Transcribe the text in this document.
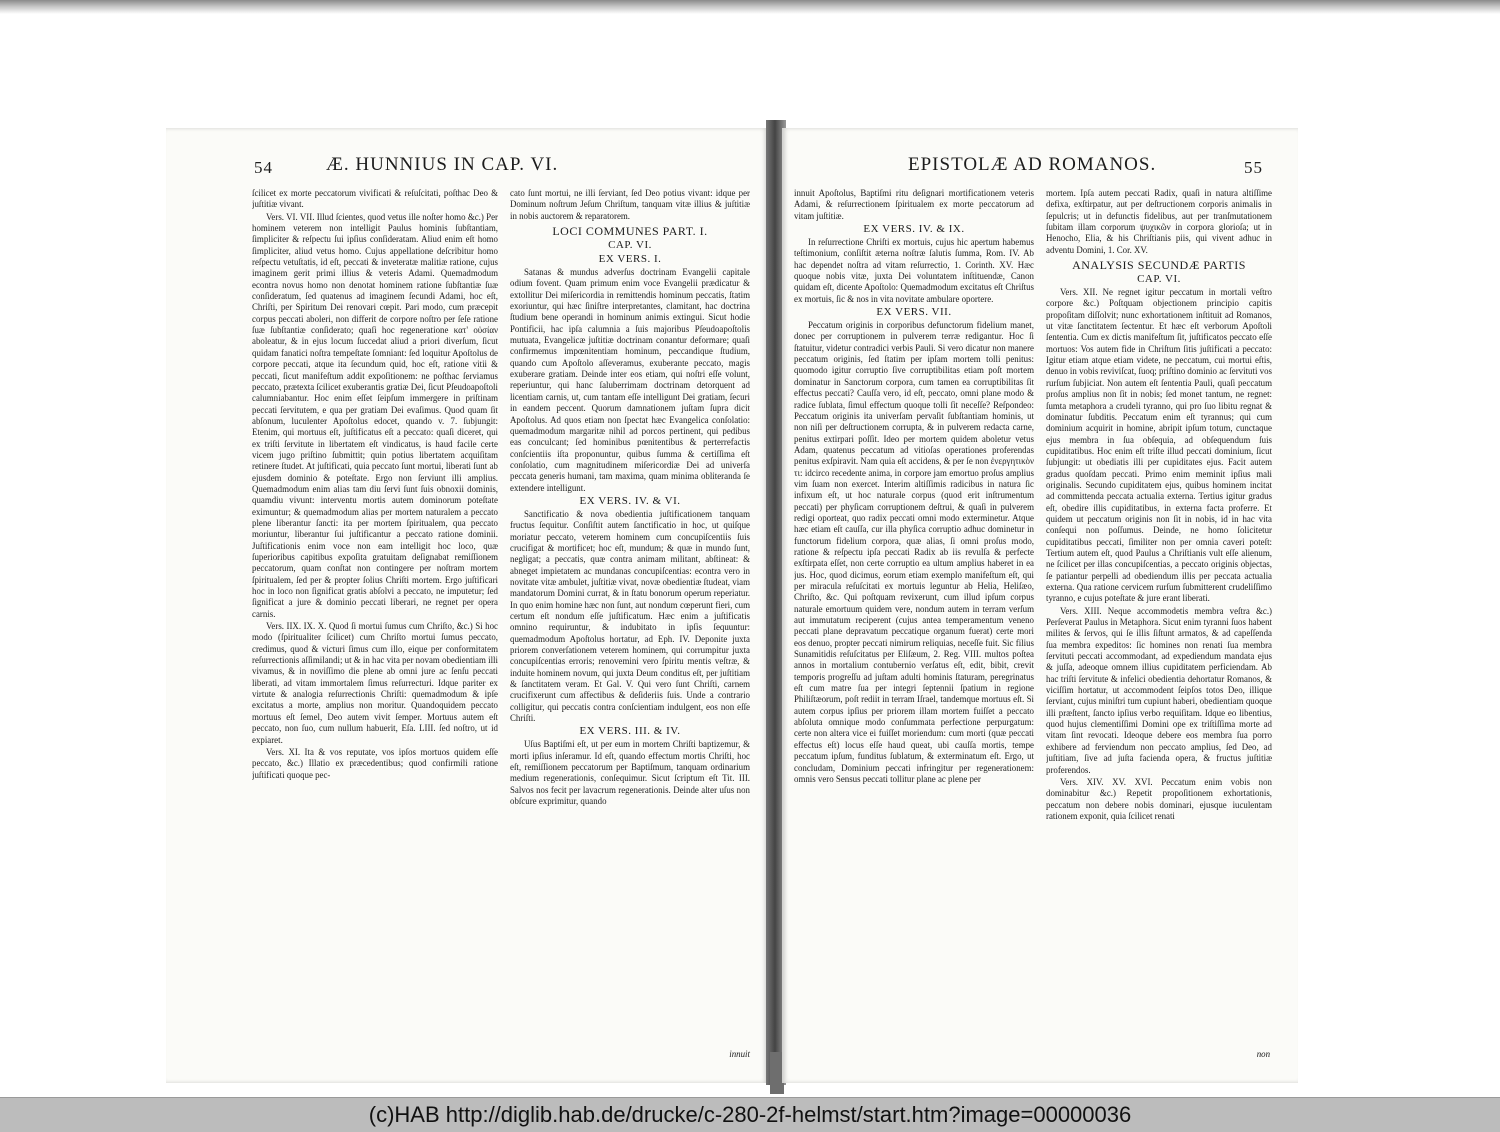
54	Æ. HUNNIUS IN CAP. VI.

ſcilicet ex morte peccatorum vivificati & reſuſcitati, poſthac Deo & juſtitiæ vivant.

Vers. VI. VII. Illud ſcientes, quod vetus ille noſter homo &c.) Per hominem veterem non intelligit Paulus hominis ſubſtantiam, ſimpliciter & reſpectu ſui ipſius conſideratam. Aliud enim eſt homo ſimpliciter, aliud vetus homo. Cujus appellatione deſcribitur homo reſpectu vetuſtatis, id eſt, peccati & inveteratæ malitiæ ratione, cujus imaginem gerit primi illius & veteris Adami. Quemadmodum econtra novus homo non denotat hominem ratione ſubſtantiæ ſuæ conſideratum, ſed quatenus ad imaginem ſecundi Adami, hoc eſt, Chriſti, per Spiritum Dei renovari cœpit. Pari modo, cum præcepit corpus peccati aboleri, non differit de corpore noſtro per ſeſe ratione ſuæ ſubſtantiæ conſiderato; quaſi hoc regeneratione κατ' οὐσίαν aboleatur, & in ejus locum ſuccedat aliud a priori diverſum, ſicut quidam fanatici noſtra tempeſtate ſomniant: ſed loquitur Apoſtolus de corpore peccati, atque ita ſecundum quid, hoc eſt, ratione vitii & peccati, ſicut manifeſtum addit expoſitionem: ne poſthac ſerviamus peccato, prætexta ſcilicet exuberantis gratiæ Dei, ſicut Pſeudoapoſtoli calumniabantur. Hoc enim eſſet ſeipſum immergere in priſtinam peccati ſervitutem, e qua per gratiam Dei evaſimus. Quod quam ſit abſonum, luculenter Apoſtolus edocet, quando v. 7. ſubjungit: Etenim, qui mortuus eſt, juſtificatus eſt a peccato: quaſi diceret, qui ex triſti ſervitute in libertatem eſt vindicatus, is haud facile certe vicem jugo priſtino ſubmittit; quin potius libertatem acquiſitam retinere ſtudet. At juſtificati, quia peccato ſunt mortui, liberati ſunt ab ejusdem dominio & poteſtate. Ergo non ſerviunt illi amplius. Quemadmodum enim alias tam diu ſervi ſunt ſuis obnoxii dominis, quamdiu vivunt: interventu mortis autem dominorum poteſtate eximuntur; & quemadmodum alias per mortem naturalem a peccato plene liberantur ſancti: ita per mortem ſpiritualem, qua peccato moriuntur, liberantur ſui juſtificantur a peccato ratione dominii. Juſtificationis enim voce non eam intelligit hoc loco, quæ ſuperioribus capitibus expoſita gratuitam deſignabat remiſſionem peccatorum, quam conſtat non contingere per noſtram mortem ſpiritualem, ſed per & propter ſolius Chriſti mortem. Ergo juſtificari hoc in loco non ſignificat gratis abſolvi a peccato, ne imputetur; ſed ſignificat a jure & dominio peccati liberari, ne regnet per opera carnis.

Vers. IIX. IX. X. Quod ſi mortui ſumus cum Chriſto, &c.) Si hoc modo (ſpiritualiter ſcilicet) cum Chriſto mortui ſumus peccato, credimus, quod & victuri ſimus cum illo, eique per conformitatem reſurrectionis aſſimilandi; ut & in hac vita per novam obedientiam illi vivamus, & in noviſſimo die plene ab omni jure ac ſenſu peccati liberati, ad vitam immortalem ſimus reſurrecturi. Idque pariter ex virtute & analogia reſurrectionis Chriſti: quemadmodum & ipſe excitatus a morte, amplius non moritur. Quandoquidem peccato mortuus eſt ſemel, Deo autem vivit ſemper. Mortuus autem eſt peccato, non ſuo, cum nullum habuerit, Eſa. LIII. ſed noſtro, ut id expiaret.

Vers. XI. Ita & vos reputate, vos ipſos mortuos quidem eſſe peccato, &c.) Illatio ex præcedentibus; quod confirmili ratione juſtificati quoque pec-

cato ſunt mortui, ne illi ſerviant, ſed Deo potius vivant: idque per Dominum noſtrum Jeſum Chriſtum, tanquam vitæ illius & juſtitiæ in nobis auctorem & reparatorem.

LOCI COMMUNES PART. I.
CAP. VI.
EX VERS. I.

Satanas & mundus adverſus doctrinam Evangelii capitale odium fovent. Quam primum enim voce Evangelii prædicatur & extollitur Dei miſericordia in remittendis hominum peccatis, ſtatim exoriuntur, qui hæc ſiniſtre interpretantes, clamitant, hac doctrina ſtudium bene operandi in hominum animis extingui. Sicut hodie Pontificii, hac ipſa calumnia a ſuis majoribus Pſeudoapoſtolis mutuata, Evangelicæ juſtitiæ doctrinam conantur deformare; quaſi confirmemus impœnitentiam hominum, peccandique ſtudium, quando cum Apoſtolo aſſeveramus, exuberante peccato, magis exuberare gratiam. Deinde inter eos etiam, qui noſtri eſſe volunt, reperiuntur, qui hanc ſaluberrimam doctrinam detorquent ad licentiam carnis, ut, cum tantam eſſe intelligunt Dei gratiam, ſecuri in eandem peccent. Quorum damnationem juſtam ſupra dicit Apoſtolus. Ad quos etiam non ſpectat hæc Evangelica conſolatio: quemadmodum margaritæ nihil ad porcos pertinent, qui pedibus eas conculcant; ſed hominibus pœnitentibus & perterrefactis conſcientiis iſta proponuntur, quibus ſumma & certiſſima eſt conſolatio, cum magnitudinem miſericordiæ Dei ad univerſa peccata generis humani, tam maxima, quam minima obliteranda ſe extendere intelligunt.

EX VERS. IV. & VI.

Sanctificatio & nova obedientia juſtificationem tanquam fructus ſequitur. Conſiſtit autem ſanctificatio in hoc, ut quiſque moriatur peccato, veterem hominem cum concupiſcentiis ſuis crucifigat & mortificet; hoc eſt, mundum; & quæ in mundo ſunt, negligat; a peccatis, quæ contra animam militant, abſtineat: & abneget impietatem ac mundanas concupiſcentias: econtra vero in novitate vitæ ambulet, juſtitiæ vivat, novæ obedientiæ ſtudeat, viam mandatorum Domini currat, & in ſtatu bonorum operum reperiatur. In quo enim homine hæc non ſunt, aut nondum cœperunt fieri, cum certum eſt nondum eſſe juſtificatum. Hæc enim a juſtificatis omnino requiruntur, & indubitato in ipſis ſequuntur: quemadmodum Apoſtolus hortatur, ad Eph. IV. Deponite juxta priorem converſationem veterem hominem, qui corrumpitur juxta concupiſcentias erroris; renovemini vero ſpiritu mentis veſtræ, & induite hominem novum, qui juxta Deum conditus eſt, per juſtitiam & ſanctitatem veram. Et Gal. V. Qui vero ſunt Chriſti, carnem crucifixerunt cum affectibus & deſideriis ſuis. Unde a contrario colligitur, qui peccatis contra conſcientiam indulgent, eos non eſſe Chriſti.

EX VERS. III. & IV.

Uſus Baptiſmi eſt, ut per eum in mortem Chriſti baptizemur, & morti ipſius inſeramur. Id eſt, quando effectum mortis Chriſti, hoc eſt, remiſſionem peccatorum per Baptiſmum, tanquam ordinarium medium regenerationis, conſequimur. Sicut ſcriptum eſt Tit. III. Salvos nos fecit per lavacrum regenerationis. Deinde alter uſus non obſcure exprimitur, quando

innuit
EPISTOLÆ AD ROMANOS.	55

innuit Apoſtolus, Baptiſmi ritu deſignari mortificationem veteris Adami, & reſurrectionem ſpiritualem ex morte peccatorum ad vitam juſtitiæ.

EX VERS. IV. & IX.

In reſurrectione Chriſti ex mortuis, cujus hic apertum habemus teſtimonium, conſiſtit æterna noſtræ ſalutis ſumma, Rom. IV. Ab hac dependet noſtra ad vitam reſurrectio, 1. Corinth. XV. Hæc quoque nobis vitæ, juxta Dei voluntatem inſtituendæ, Canon quidam eſt, dicente Apoſtolo: Quemadmodum excitatus eſt Chriſtus ex mortuis, ſic & nos in vita novitate ambulare oportere.

EX VERS. VII.

Peccatum originis in corporibus defunctorum fidelium manet, donec per corruptionem in pulverem terræ redigantur. Hoc ſi ſtatuitur, videtur contradici verbis Pauli. Si vero dicatur non manere peccatum originis, ſed ſtatim per ipſam mortem tolli penitus: quomodo igitur corruptio ſive corruptibilitas etiam poſt mortem dominatur in Sanctorum corpora, cum tamen ea corruptibilitas ſit effectus peccati? Cauſſa vero, id eſt, peccato, omni plane modo & radice ſublata, ſimul effectum quoque tolli ſit neceſſe? Reſpondeo: Peccatum originis ita univerſam pervaſit ſubſtantiam hominis, ut non niſi per deſtructionem corrupta, & in pulverem redacta carne, penitus extirpari poſſit. Ideo per mortem quidem aboletur vetus Adam, quatenus peccatum ad vitioſas operationes proferendas penitus exſpiravit. Nam quia eſt accidens, & per ſe non ἐνεργητικὸν τι: idcirco recedente anima, in corpore jam emortuo proſus amplius vim ſuam non exercet. Interim altiſſimis radicibus in natura ſic infixum eſt, ut hoc naturale corpus (quod erit inſtrumentum peccati) per phyſicam corruptionem deſtrui, & quaſi in pulverem redigi oporteat, quo radix peccati omni modo exterminetur. Atque hæc etiam eſt cauſſa, cur illa phyſica corruptio adhuc dominetur in functorum fidelium corpora, quæ alias, ſi omni proſus modo, ratione & reſpectu ipſa peccati Radix ab iis revulſa & perfecte exſtirpata eſſet, non certe corruptio ea ultum amplius haberet in ea jus. Hoc, quod dicimus, eorum etiam exemplo manifeſtum eſt, qui per miracula reſuſcitati ex mortuis leguntur ab Helia, Heliſæo, Chriſto, &c. Qui poſtquam revixerunt, cum illud ipſum corpus naturale emortuum quidem vere, nondum autem in terram verſum aut immutatum reciperent (cujus antea temperamentum veneno peccati plane depravatum peccatique organum fuerat) certe mori eos denuo, propter peccati nimirum reliquias, neceſſe fuit. Sic filius Sunamitidis reſuſcitatus per Eliſæum, 2. Reg. VIII. multos poſtea annos in mortalium contubernio verſatus eſt, edit, bibit, crevit temporis progreſſu ad juſtam adulti hominis ſtaturam, peregrinatus eſt cum matre ſua per integri ſeptennii ſpatium in regione Philiſtæorum, poſt rediit in terram Iſrael, tandemque mortuus eſt. Si autem corpus ipſius per priorem illam mortem fuiſſet a peccato abſoluta omnique modo conſummata perfectione perpurgatum: certe non altera vice ei fuiſſet moriendum: cum morti (quæ peccati effectus eſt) locus eſſe haud queat, ubi cauſſa mortis, tempe peccatum ipſum, funditus ſublatum, & exterminatum eſt. Ergo, ut concludam, Dominium peccati infringitur per regenerationem: omnis vero Sensus peccati tollitur plane ac plene per

mortem. Ipſa autem peccati Radix, quaſi in natura altiſſime defixa, exſtirpatur, aut per deſtructionem corporis animalis in ſepulcris; ut in defunctis fidelibus, aut per tranſmutationem ſubitam illam corporum ψυχικῶν in corpora glorioſa; ut in Henocho, Elia, & his Chriſtianis piis, qui vivent adhuc in adventu Domini, 1. Cor. XV.

ANALYSIS SECUNDÆ PARTIS
CAP. VI.

Vers. XII. Ne regnet igitur peccatum in mortali veſtro corpore &c.) Poſtquam objectionem principio capitis propoſitam diſſolvit; nunc exhortationem inſtituit ad Romanos, ut vitæ ſanctitatem ſectentur. Et hæc eſt verborum Apoſtoli ſententia. Cum ex dictis manifeſtum ſit, juſtificatos peccato eſſe mortuos: Vos autem fide in Chriſtum ſitis juſtificati a peccato: Igitur etiam atque etiam videte, ne peccatum, cui mortui eſtis, denuo in vobis reviviſcat, ſuoq; priſtino dominio ac ſervituti vos rurſum ſubjiciat. Non autem eſt ſententia Pauli, quaſi peccatum proſus amplius non ſit in nobis; ſed monet tantum, ne regnet: ſumta metaphora a crudeli tyranno, qui pro ſuo libitu regnat & dominatur ſubditis. Peccatum enim eſt tyrannus; qui cum dominium acquirit in homine, abripit ipſum totum, cunctaque ejus membra in ſua obſequia, ad obſequendum ſuis cupiditatibus. Hoc enim eſt triſte illud peccati dominium, ſicut ſubjungit: ut obediatis illi per cupiditates ejus. Facit autem gradus quoſdam peccati. Primo enim meminit ipſius mali originalis. Secundo cupiditatem ejus, quibus hominem incitat ad committenda peccata actualia externa. Tertius igitur gradus eſt, obedire illis cupiditatibus, in externa facta proferre. Et quidem ut peccatum originis non ſit in nobis, id in hac vita conſequi non poſſumus. Deinde, ne homo ſolicitetur cupiditatibus peccati, ſimiliter non per omnia caveri poteſt: Tertium autem eſt, quod Paulus a Chriſtianis vult eſſe alienum, ne ſcilicet per illas concupiſcentias, a peccato originis objectas, ſe patiantur perpelli ad obediendum illis per peccata actualia externa. Qua ratione cervicem rurſum ſubmitterent crudeliſſimo tyranno, e cujus poteſtate & jure erant liberati.

Vers. XIII. Neque accommodetis membra veſtra &c.) Perſeverat Paulus in Metaphora. Sicut enim tyranni ſuos habent milites & ſervos, qui ſe illis ſiſtunt armatos, & ad capeſſenda ſua membra expeditos: ſic homines non renati ſua membra ſervituti peccati accommodant, ad expediendum mandata ejus & juſſa, adeoque omnem illius cupiditatem perficiendam. Ab hac triſti ſervitute & infelici obedientia dehortatur Romanos, & viciſſim hortatur, ut accommodent ſeipſos totos Deo, illique ſerviant, cujus miniſtri tum cupiunt haberi, obedientiam quoque illi præſtent, ſancto ipſius verbo requiſitam. Idque eo libentius, quod hujus clementiſſimi Domini ope ex triſtiſſima morte ad vitam ſint revocati. Ideoque debere eos membra ſua porro exhibere ad ferviendum non peccato amplius, ſed Deo, ad juſtitiam, ſive ad juſta facienda opera, & fructus juſtitiæ proferendos.

Vers. XIV. XV. XVI. Peccatum enim vobis non dominabitur &c.) Repetit propoſitionem exhortationis, peccatum non debere nobis dominari, ejusque iuculentam rationem exponit, quia ſcilicet renati

non
(c)HAB http://diglib.hab.de/drucke/c-280-2f-helmst/start.htm?image=00000036
